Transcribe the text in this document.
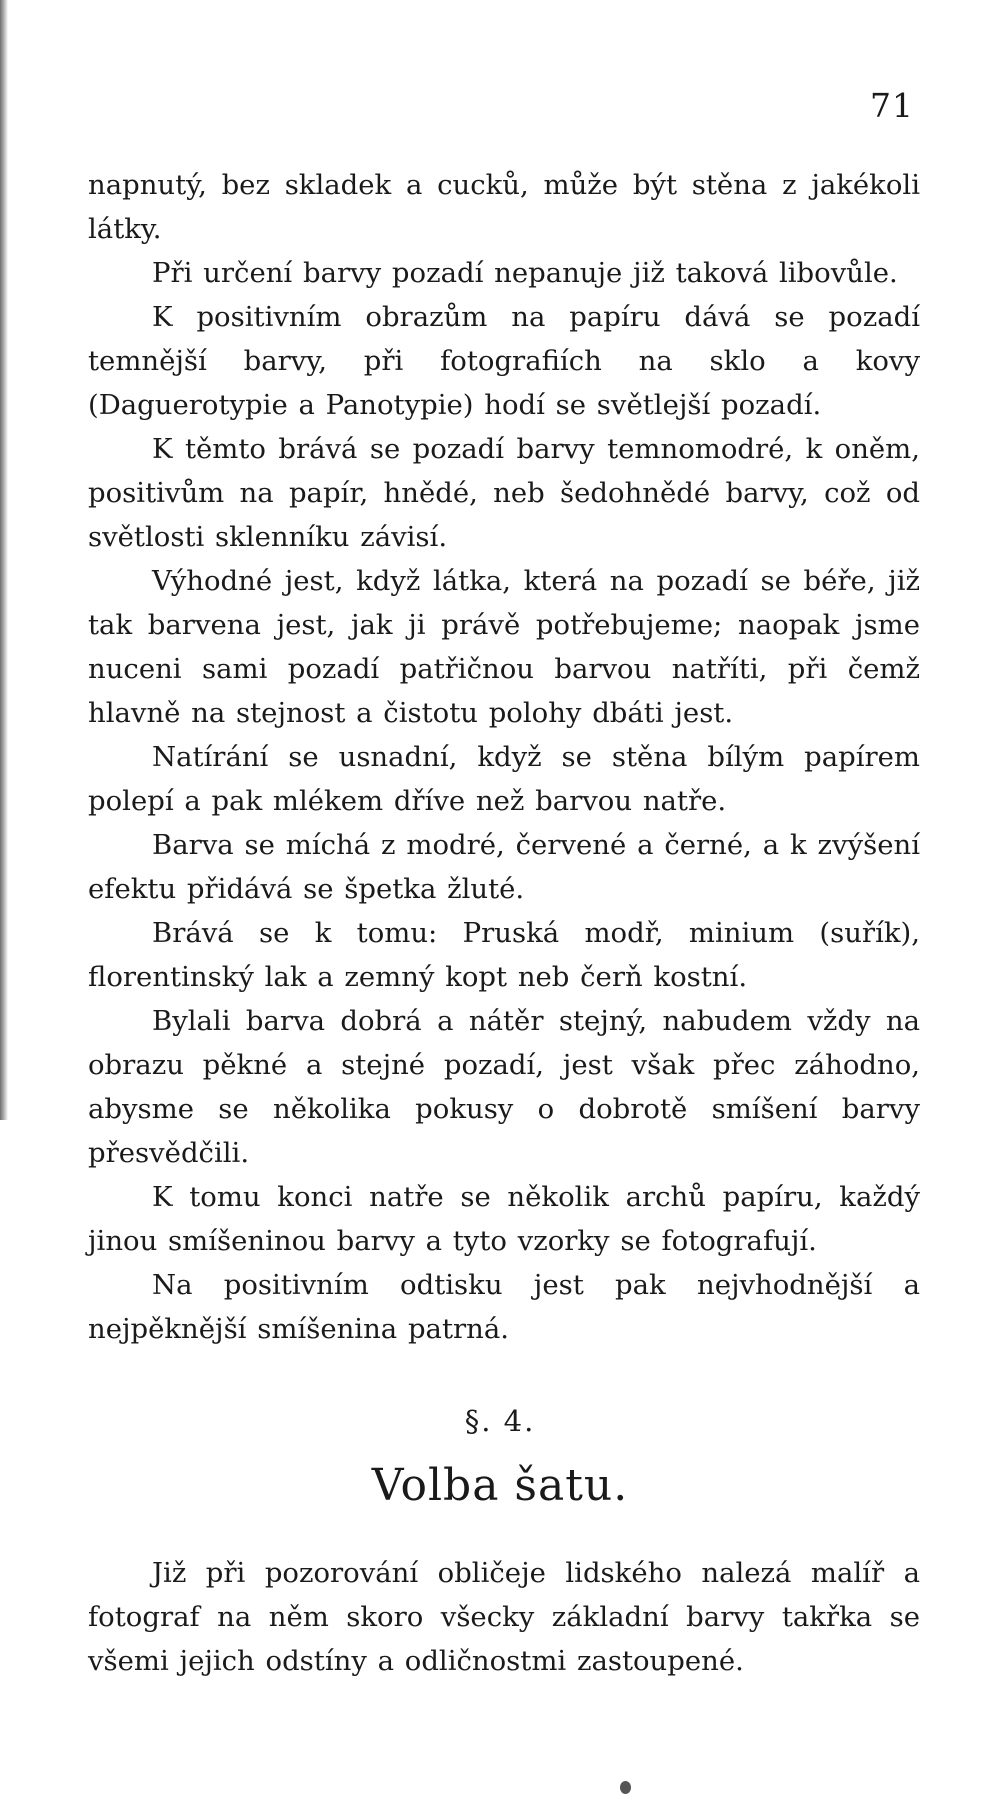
71

napnutý, bez skladek a cucků, může být stěna z jakékoli látky.

Při určení barvy pozadí nepanuje již taková libovůle.

K positivním obrazům na papíru dává se pozadí temnější barvy, při fotografiích na sklo a kovy (Daguerotypie a Panotypie) hodí se světlejší pozadí.

K těmto brává se pozadí barvy temnomodré, k oněm, positivům na papír, hnědé, neb šedohnědé barvy, což od světlosti sklenníku závisí.

Výhodné jest, když látka, která na pozadí se béře, již tak barvena jest, jak ji právě potřebujeme; naopak jsme nuceni sami pozadí patřičnou barvou natříti, při čemž hlavně na stejnost a čistotu polohy dbáti jest.

Natírání se usnadní, když se stěna bílým papírem polepí a pak mlékem dříve než barvou natře.

Barva se míchá z modré, červené a černé, a k zvýšení efektu přidává se špetka žluté.

Brává se k tomu: Pruská modř, minium (suřík), florentinský lak a zemný kopt neb čerň kostní.

Bylali barva dobrá a nátěr stejný, nabudem vždy na obrazu pěkné a stejné pozadí, jest však přec záhodno, abysme se několika pokusy o dobrotě smíšení barvy přesvědčili.

K tomu konci natře se několik archů papíru, každý jinou smíšeninou barvy a tyto vzorky se fotografují.

Na positivním odtisku jest pak nejvhodnější a nejpěknější smíšenina patrná.

§. 4.
Volba šatu.

Již při pozorování obličeje lidského nalezá malíř a fotograf na něm skoro všecky základní barvy takřka se všemi jejich odstíny a odličnostmi zastoupené.
